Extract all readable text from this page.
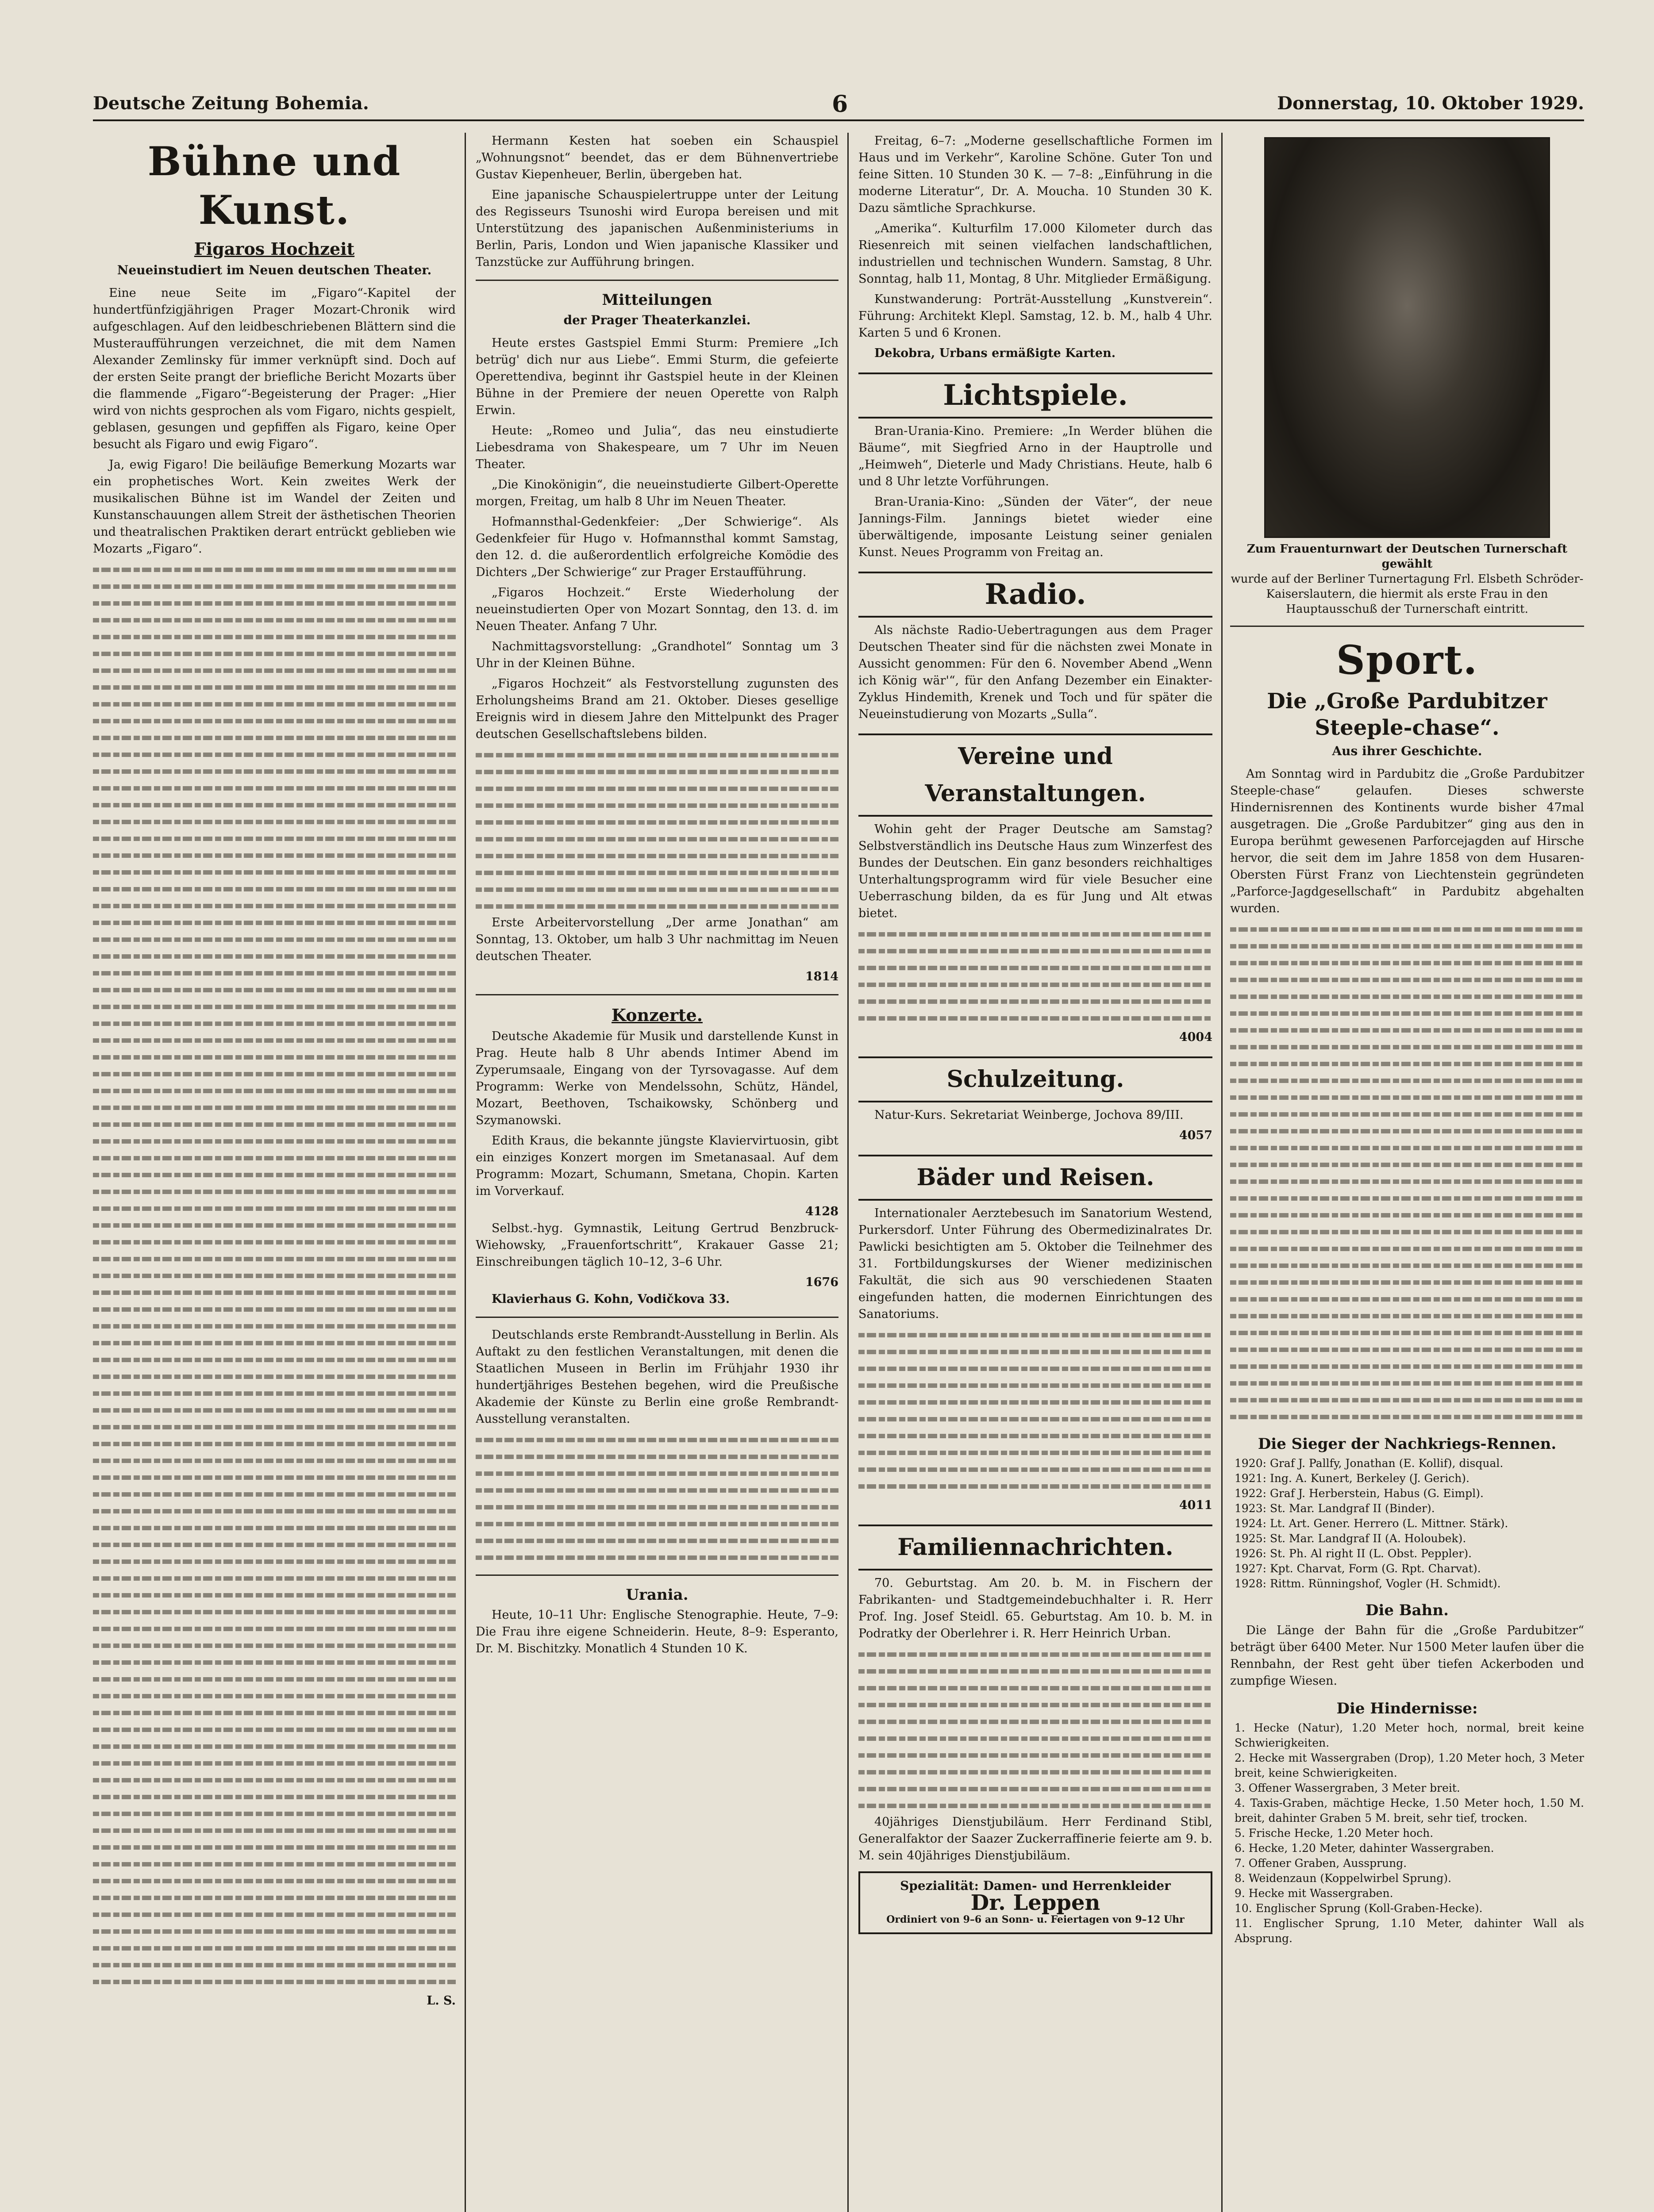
Deutsche Zeitung Bohemia.	6	Donnerstag, 10. Oktober 1929.
Bühne und Kunst.
Figaros Hochzeit
Neueinstudiert im Neuen deutschen Theater.

Eine neue Seite im „Figaro“-Kapitel der hundertfünfzigjährigen Prager Mozart-Chronik wird aufgeschlagen. Auf den leidbeschriebenen Blättern sind die Musteraufführungen verzeichnet, die mit dem Namen Alexander Zemlinsky für immer verknüpft sind. Doch auf der ersten Seite prangt der briefliche Bericht Mozarts über die flammende „Figaro“-Begeisterung der Prager: „Hier wird von nichts gesprochen als vom Figaro, nichts gespielt, geblasen, gesungen und gepfiffen als Figaro, keine Oper besucht als Figaro und ewig Figaro“.

Ja, ewig Figaro! Die beiläufige Bemerkung Mozarts war ein prophetisches Wort. Kein zweites Werk der musikalischen Bühne ist im Wandel der Zeiten und Kunstanschauungen allem Streit der ästhetischen Theorien und theatralischen Praktiken derart entrückt geblieben wie Mozarts „Figaro“.

L. S.

Hermann Kesten hat soeben ein Schauspiel „Wohnungsnot“ beendet, das er dem Bühnenvertriebe Gustav Kiepenheuer, Berlin, übergeben hat.

Eine japanische Schauspielertruppe unter der Leitung des Regisseurs Tsunoshi wird Europa bereisen und mit Unterstützung des japanischen Außenministeriums in Berlin, Paris, London und Wien japanische Klassiker und Tanzstücke zur Aufführung bringen.

Mitteilungen
der Prager Theaterkanzlei.

Heute erstes Gastspiel Emmi Sturm: Premiere „Ich betrüg' dich nur aus Liebe“. Emmi Sturm, die gefeierte Operettendiva, beginnt ihr Gastspiel heute in der Kleinen Bühne in der Premiere der neuen Operette von Ralph Erwin.

Heute: „Romeo und Julia“, das neu einstudierte Liebesdrama von Shakespeare, um 7 Uhr im Neuen Theater.

„Die Kinokönigin“, die neueinstudierte Gilbert-Operette morgen, Freitag, um halb 8 Uhr im Neuen Theater.

Hofmannsthal-Gedenkfeier: „Der Schwierige“. Als Gedenkfeier für Hugo v. Hofmannsthal kommt Samstag, den 12. d. die außerordentlich erfolgreiche Komödie des Dichters „Der Schwierige“ zur Prager Erstaufführung.

„Figaros Hochzeit.“ Erste Wiederholung der neueinstudierten Oper von Mozart Sonntag, den 13. d. im Neuen Theater. Anfang 7 Uhr.

Nachmittagsvorstellung: „Grandhotel“ Sonntag um 3 Uhr in der Kleinen Bühne.

„Figaros Hochzeit“ als Festvorstellung zugunsten des Erholungsheims Brand am 21. Oktober. Dieses gesellige Ereignis wird in diesem Jahre den Mittelpunkt des Prager deutschen Gesellschaftslebens bilden.

Erste Arbeitervorstellung „Der arme Jonathan“ am Sonntag, 13. Oktober, um halb 3 Uhr nachmittag im Neuen deutschen Theater.

1814
Konzerte.

Deutsche Akademie für Musik und darstellende Kunst in Prag. Heute halb 8 Uhr abends Intimer Abend im Zyperumsaale, Eingang von der Tyrsovagasse. Auf dem Programm: Werke von Mendelssohn, Schütz, Händel, Mozart, Beethoven, Tschaikowsky, Schönberg und Szymanowski.

Edith Kraus, die bekannte jüngste Klaviervirtuosin, gibt ein einziges Konzert morgen im Smetanasaal. Auf dem Programm: Mozart, Schumann, Smetana, Chopin. Karten im Vorverkauf.

4128

Selbst.-hyg. Gymnastik, Leitung Gertrud Benzbruck-Wiehowsky, „Frauenfortschritt“, Krakauer Gasse 21; Einschreibungen täglich 10–12, 3–6 Uhr.

1676

Klavierhaus G. Kohn, Vodičkova 33.

Deutschlands erste Rembrandt-Ausstellung in Berlin. Als Auftakt zu den festlichen Veranstaltungen, mit denen die Staatlichen Museen in Berlin im Frühjahr 1930 ihr hundertjähriges Bestehen begehen, wird die Preußische Akademie der Künste zu Berlin eine große Rembrandt-Ausstellung veranstalten.

Urania.

Heute, 10–11 Uhr: Englische Stenographie. Heute, 7–9: Die Frau ihre eigene Schneiderin. Heute, 8–9: Esperanto, Dr. M. Bischitzky. Monatlich 4 Stunden 10 K.

Freitag, 6–7: „Moderne gesellschaftliche Formen im Haus und im Verkehr“, Karoline Schöne. Guter Ton und feine Sitten. 10 Stunden 30 K. — 7–8: „Einführung in die moderne Literatur“, Dr. A. Moucha. 10 Stunden 30 K. Dazu sämtliche Sprachkurse.

„Amerika“. Kulturfilm 17.000 Kilometer durch das Riesenreich mit seinen vielfachen landschaftlichen, industriellen und technischen Wundern. Samstag, 8 Uhr. Sonntag, halb 11, Montag, 8 Uhr. Mitglieder Ermäßigung.

Kunstwanderung: Porträt-Ausstellung „Kunstverein“. Führung: Architekt Klepl. Samstag, 12. b. M., halb 4 Uhr. Karten 5 und 6 Kronen.

Dekobra, Urbans ermäßigte Karten.

Lichtspiele.

Bran-Urania-Kino. Premiere: „In Werder blühen die Bäume“, mit Siegfried Arno in der Hauptrolle und „Heimweh“, Dieterle und Mady Christians. Heute, halb 6 und 8 Uhr letzte Vorführungen.

Bran-Urania-Kino: „Sünden der Väter“, der neue Jannings-Film. Jannings bietet wieder eine überwältigende, imposante Leistung seiner genialen Kunst. Neues Programm von Freitag an.

Radio.

Als nächste Radio-Uebertragungen aus dem Prager Deutschen Theater sind für die nächsten zwei Monate in Aussicht genommen: Für den 6. November Abend „Wenn ich König wär'“, für den Anfang Dezember ein Einakter-Zyklus Hindemith, Krenek und Toch und für später die Neueinstudierung von Mozarts „Sulla“.

Vereine und Veranstaltungen.

Wohin geht der Prager Deutsche am Samstag? Selbstverständlich ins Deutsche Haus zum Winzerfest des Bundes der Deutschen. Ein ganz besonders reichhaltiges Unterhaltungsprogramm wird für viele Besucher eine Ueberraschung bilden, da es für Jung und Alt etwas bietet.

4004
Schulzeitung.

Natur-Kurs. Sekretariat Weinberge, Jochova 89/III.

4057
Bäder und Reisen.

Internationaler Aerztebesuch im Sanatorium Westend, Purkersdorf. Unter Führung des Obermedizinalrates Dr. Pawlicki besichtigten am 5. Oktober die Teilnehmer des 31. Fortbildungskurses der Wiener medizinischen Fakultät, die sich aus 90 verschiedenen Staaten eingefunden hatten, die modernen Einrichtungen des Sanatoriums.

4011
Familiennachrichten.

70. Geburtstag. Am 20. b. M. in Fischern der Fabrikanten- und Stadtgemeindebuchhalter i. R. Herr Prof. Ing. Josef Steidl. 65. Geburtstag. Am 10. b. M. in Podratky der Oberlehrer i. R. Herr Heinrich Urban.

40jähriges Dienstjubiläum. Herr Ferdinand Stibl, Generalfaktor der Saazer Zuckerraffinerie feierte am 9. b. M. sein 40jähriges Dienstjubiläum.

Spezialität: Damen- und Herrenkleider
Dr. Leppen
Ordiniert von 9–6 an Sonn- u. Feiertagen von 9–12 Uhr
Zum Frauenturnwart der Deutschen Turnerschaft gewählt
wurde auf der Berliner Turnertagung Frl. Elsbeth Schröder-Kaiserslautern, die hiermit als erste Frau in den Hauptausschuß der Turnerschaft eintritt.
Sport.
Die „Große Pardubitzer Steeple-chase“.
Aus ihrer Geschichte.

Am Sonntag wird in Pardubitz die „Große Pardubitzer Steeple-chase“ gelaufen. Dieses schwerste Hindernisrennen des Kontinents wurde bisher 47mal ausgetragen. Die „Große Pardubitzer“ ging aus den in Europa berühmt gewesenen Parforcejagden auf Hirsche hervor, die seit dem im Jahre 1858 von dem Husaren-Obersten Fürst Franz von Liechtenstein gegründeten „Parforce-Jagdgesellschaft“ in Pardubitz abgehalten wurden.

Die Sieger der Nachkriegs-Rennen.
1920: Graf J. Pallfy, Jonathan (E. Kollif), disqual.
1921: Ing. A. Kunert, Berkeley (J. Gerich).
1922: Graf J. Herberstein, Habus (G. Eimpl).
1923: St. Mar. Landgraf II (Binder).
1924: Lt. Art. Gener. Herrero (L. Mittner. Stärk).
1925: St. Mar. Landgraf II (A. Holoubek).
1926: St. Ph. Al right II (L. Obst. Peppler).
1927: Kpt. Charvat, Form (G. Rpt. Charvat).
1928: Rittm. Rünningshof, Vogler (H. Schmidt).
Die Bahn.

Die Länge der Bahn für die „Große Pardubitzer“ beträgt über 6400 Meter. Nur 1500 Meter laufen über die Rennbahn, der Rest geht über tiefen Ackerboden und zumpfige Wiesen.

Die Hindernisse:
1. Hecke (Natur), 1.20 Meter hoch, normal, breit keine Schwierigkeiten.
2. Hecke mit Wassergraben (Drop), 1.20 Meter hoch, 3 Meter breit, keine Schwierigkeiten.
3. Offener Wassergraben, 3 Meter breit.
4. Taxis-Graben, mächtige Hecke, 1.50 Meter hoch, 1.50 M. breit, dahinter Graben 5 M. breit, sehr tief, trocken.
5. Frische Hecke, 1.20 Meter hoch.
6. Hecke, 1.20 Meter, dahinter Wassergraben.
7. Offener Graben, Aussprung.
8. Weidenzaun (Koppelwirbel Sprung).
9. Hecke mit Wassergraben.
10. Englischer Sprung (Koll-Graben-Hecke).
11. Englischer Sprung, 1.10 Meter, dahinter Wall als Absprung.
